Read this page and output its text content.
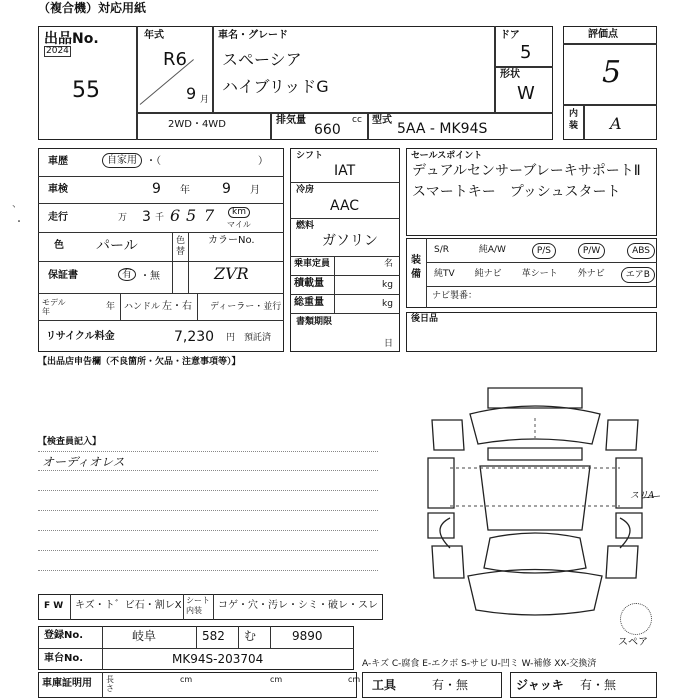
（複合機）対応用紙
出品No.
2024
55
年式
R6
9 月
車名・グレード
スペーシア
ハイブリッドG
ドア
5
形状
W
2WD・4WD	排気量
660
cc 型式
5AA - MK94S
評価点
5
内装 A
車歴	自家用 ・（	）
車検	9 年 9 月
走行	万 3 千 6 5 7	km
マイル
色 パール	色替
カラーNo.
ZVR
保証書	有 ・無
モデル年	年 ハンドル 左・右 ディーラー・並行
リサイクル料金	7,230 円 預託済
シフト
IAT
冷房
AAC
燃料
ガソリン
乗車定員	名
積載量	kg
総重量	kg
書類期限
日
セールスポイント
デュアルセンサーブレーキサポートⅡ
スマートキー　プッシュスタート
装備
S/R	純A/W	P/S	P/W	ABS
純TV	純ナビ	革シート	外ナビ	エアB
ナビ製番：
後日品
【出品店申告欄（不良箇所・欠品・注意事項等）】
【検査員記入】
オーディオレス
スリA
スペア
F W キズ・ト゛ビ石・割レX シート内装	コゲ・穴・汚レ・シミ・破レ・スレ
登録No.	岐阜	582 む	9890
車台No.	MK94S-203704	A-キズ C-腐食 E-エクボ S-サビ U-凹ミ W-補修 XX-交換済
車庫証明用 長さ
cm	cm	cm 工具	有・無	ジャッキ 有・無
、
・
